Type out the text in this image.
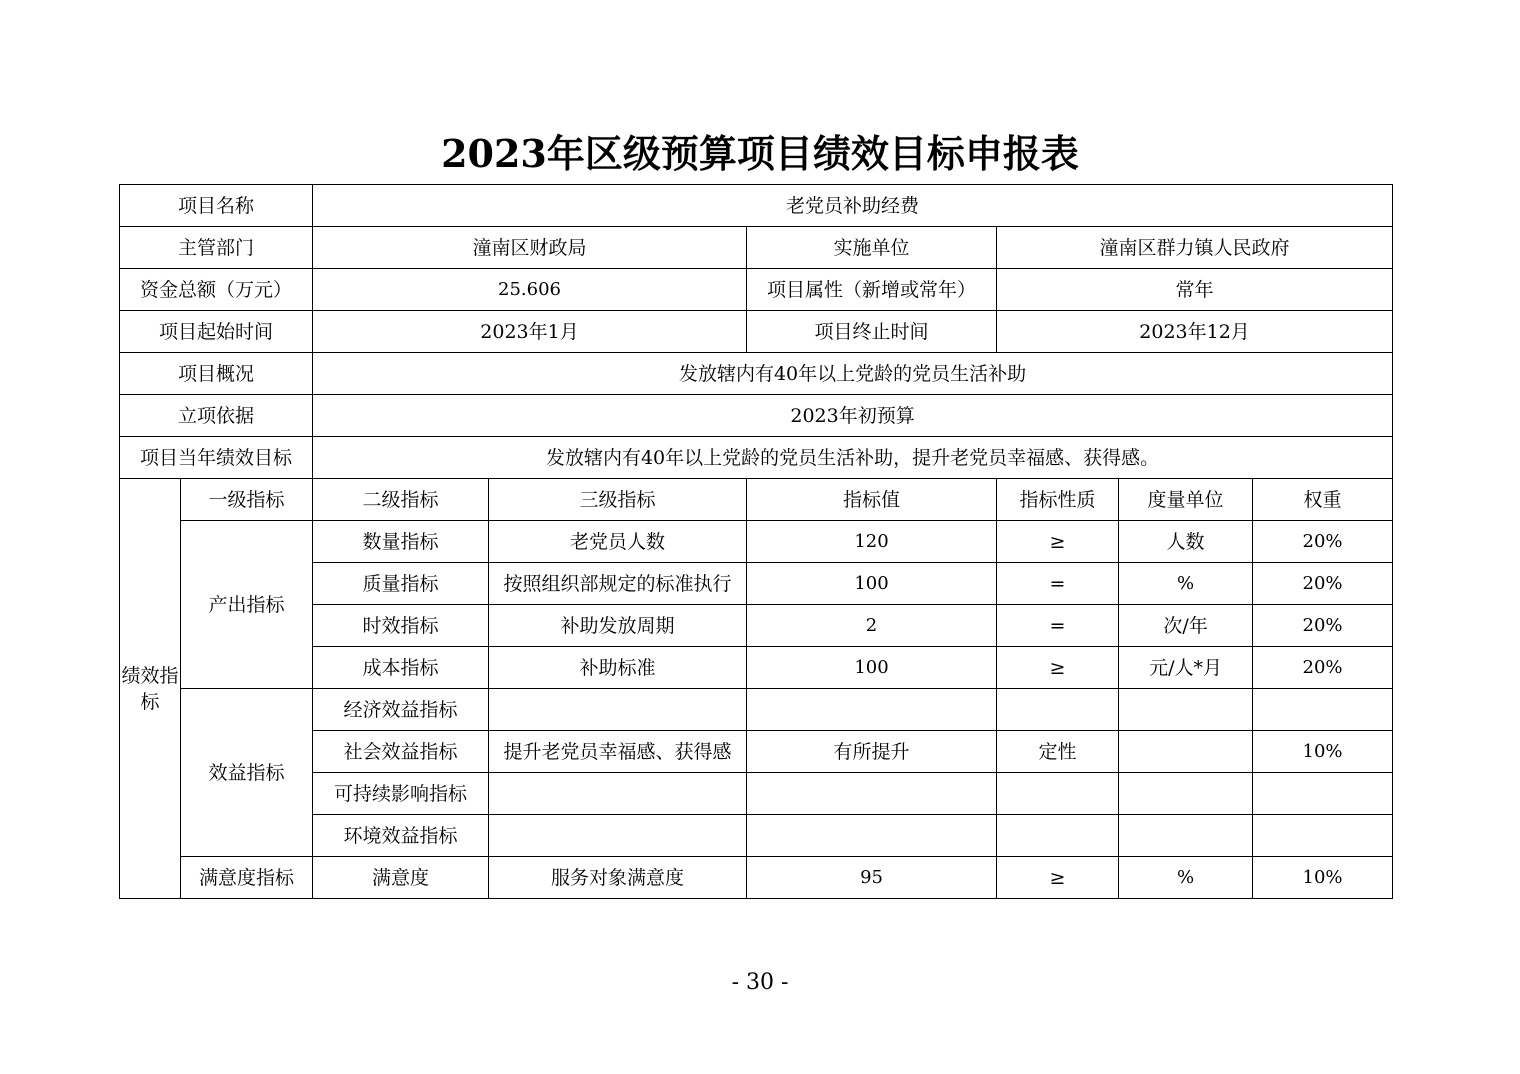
2023年区级预算项目绩效目标申报表
项目名称		老党员补助经费					
主管部门		潼南区财政局		实施单位	潼南区群力镇人民政府		
资金总额（万元）		25.606		项目属性（新增或常年）	常年		
项目起始时间		2023年1月		项目终止时间	2023年12月		
项目概况		发放辖内有40年以上党龄的党员生活补助					
立项依据		2023年初预算					
项目当年绩效目标		发放辖内有40年以上党龄的党员生活补助，提升老党员幸福感、获得感。					
绩效指标	一级指标	二级指标	三级指标	指标值	指标性质	度量单位	权重
	产出指标	数量指标	老党员人数	120	≥	人数	20%
		质量指标	按照组织部规定的标准执行	100	=	%	20%
		时效指标	补助发放周期	2	=	次/年	20%
		成本指标	补助标准	100	≥	元/人*月	20%
	效益指标	经济效益指标					
		社会效益指标	提升老党员幸福感、获得感	有所提升	定性		10%
		可持续影响指标					
		环境效益指标					
	满意度指标	满意度	服务对象满意度	95	≥	%	10%
- 30 -
